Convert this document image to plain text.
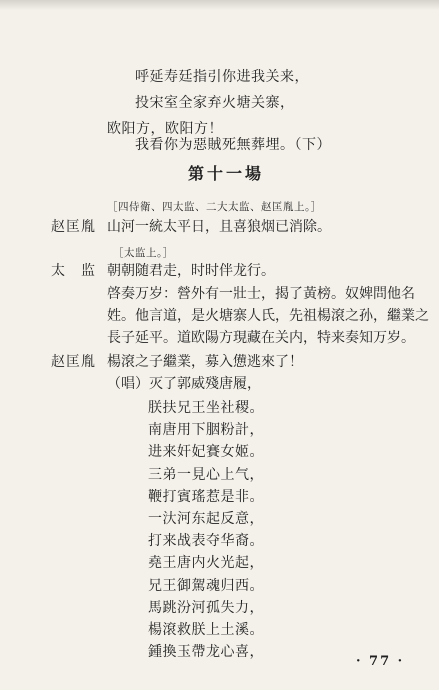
呼延寿廷指引你进我关来，
投宋室全家弃火塘关寨，
欧阳方，欧阳方！
我看你为惡賊死無葬埋。（下）
第十一場
［四侍衛、四太监、二大太监、赵匡胤上。］
赵匡胤 山河一統太平日，且喜狼烟已消除。
［太监上。］
太　监 朝朝随君走，时时伴龙行。
啓奏万岁：營外有一壯士，揭了黃榜。奴婢問他名
姓。他言道，是火塘寨人氏，先祖楊滾之孙，繼業之
長子延平。道欧陽方現藏在关内，特来奏知万岁。
赵匡胤 楊滾之子繼業，募入憊逃來了！
（唱）灭了郭威殘唐履，
朕扶兄王坐社稷。
南唐用下胭粉計，
进来奸妃賽女姬。
三弟一見心上气，
鞭打賓瑤惹是非。
一汏河东起反意，
打来战表夺华裔。
堯王唐内火光起，
兄王御駕魂归西。
馬跳汾河孤失力，
楊滾救朕上土溪。
鍾換玉帶龙心喜，
· 77 ·
